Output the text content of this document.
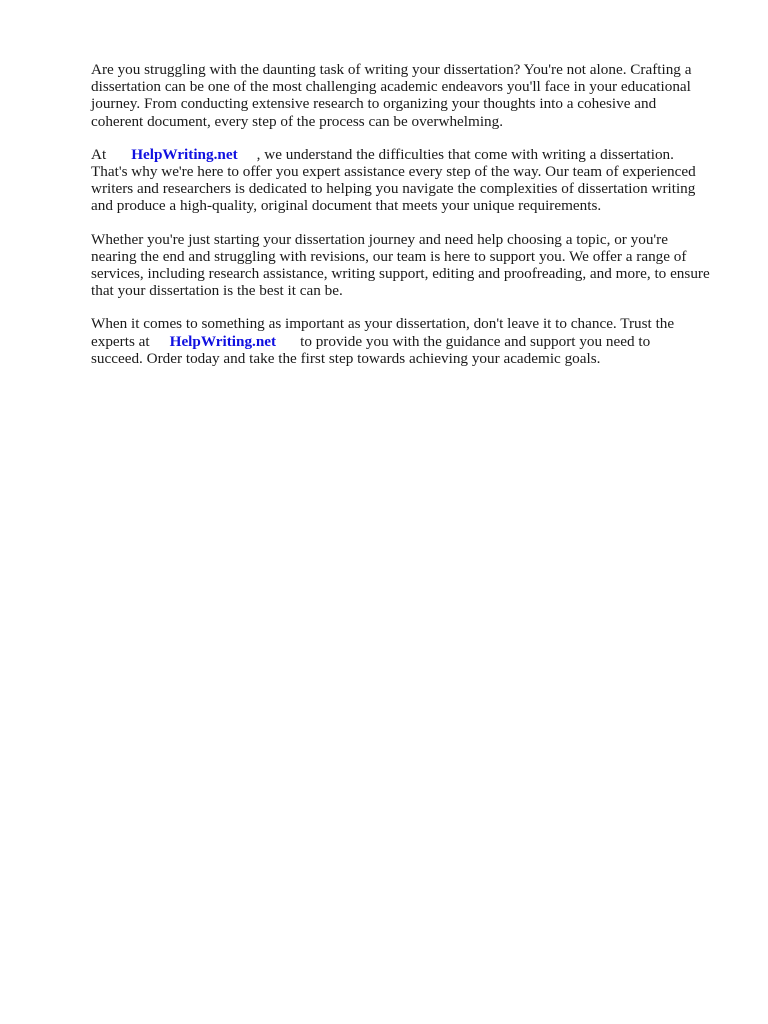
Are you struggling with the daunting task of writing your dissertation? You're not alone. Crafting a
dissertation can be one of the most challenging academic endeavors you'll face in your educational
journey. From conducting extensive research to organizing your thoughts into a cohesive and
coherent document, every step of the process can be overwhelming.

At HelpWriting.net , we understand the difficulties that come with writing a dissertation.
That's why we're here to offer you expert assistance every step of the way. Our team of experienced
writers and researchers is dedicated to helping you navigate the complexities of dissertation writing
and produce a high-quality, original document that meets your unique requirements.

Whether you're just starting your dissertation journey and need help choosing a topic, or you're
nearing the end and struggling with revisions, our team is here to support you. We offer a range of
services, including research assistance, writing support, editing and proofreading, and more, to ensure
that your dissertation is the best it can be.

When it comes to something as important as your dissertation, don't leave it to chance. Trust the
experts at HelpWriting.net to provide you with the guidance and support you need to
succeed. Order today and take the first step towards achieving your academic goals.
